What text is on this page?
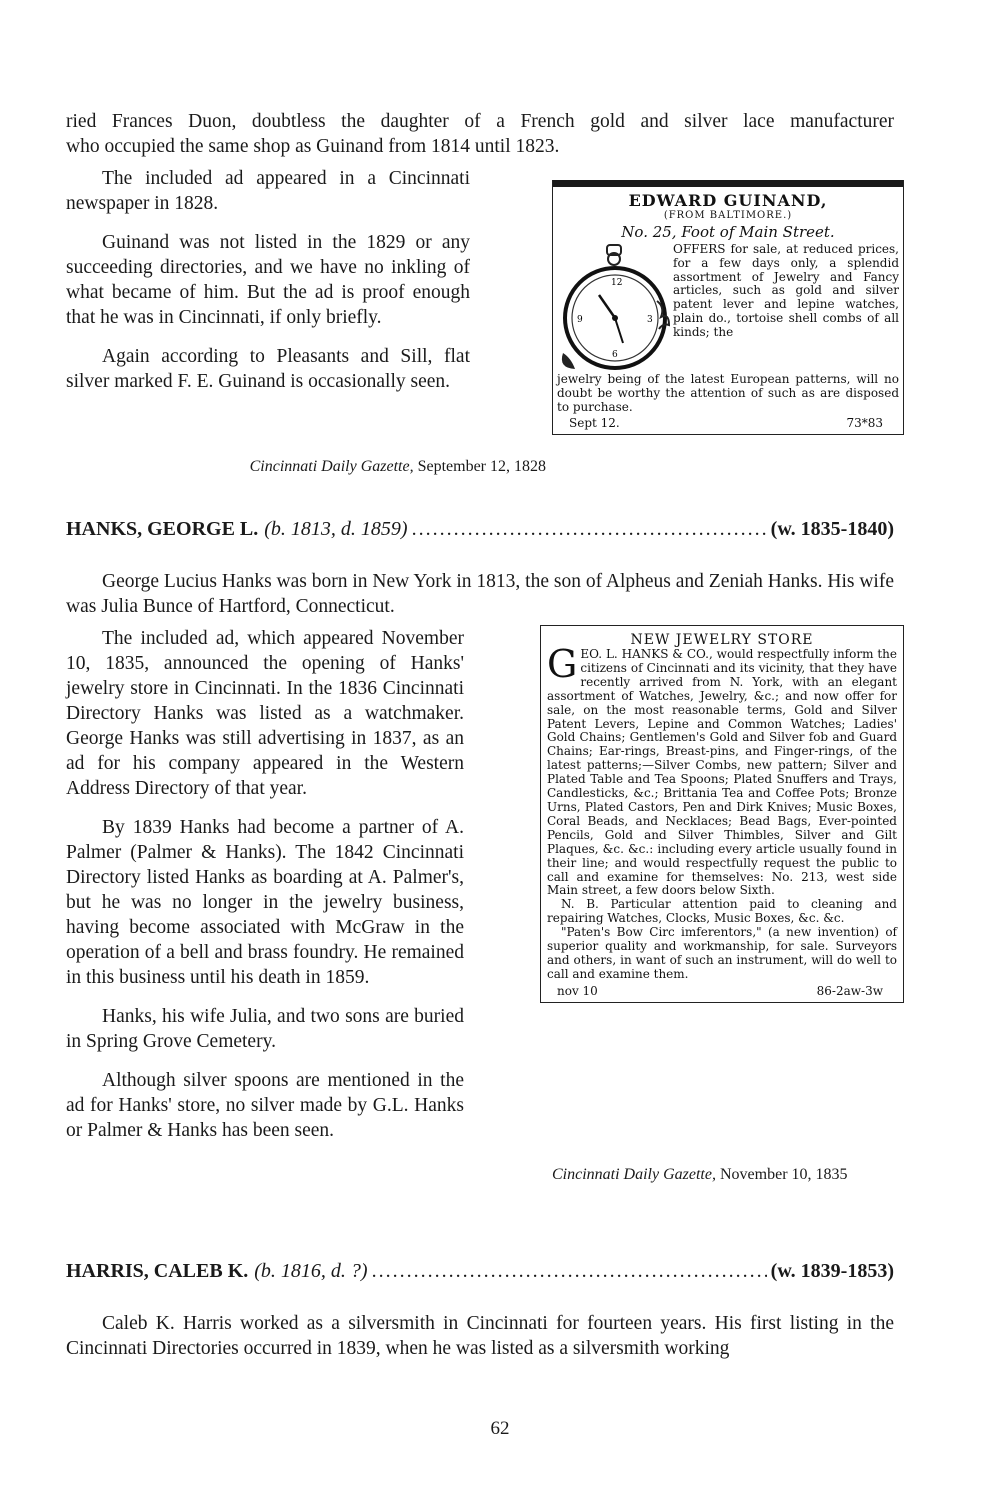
ried Frances Duon, doubtless the daughter of a French gold and silver lace manufacturer
who occupied the same shop as Guinand from 1814 until 1823.

The included ad appeared in a Cincinnati newspaper in 1828.

Guinand was not listed in the 1829 or any succeeding directories, and we have no inkling of what became of him. But the ad is proof enough that he was in Cincinnati, if only briefly.

Again according to Pleasants and Sill, flat silver marked F. E. Guinand is occasionally seen.

Cincinnati Daily Gazette, September 12, 1828
EDWARD GUINAND,
(FROM BALTIMORE.)
No. 25, Foot of Main Street.
12
3
6
9
OFFERS for sale, at reduced prices, for a few days only, a splendid assortment of Jewelry and Fancy articles, such as gold and silver patent lever and lepine watches, plain do., tortoise shell combs of all kinds; the
jewelry being of the latest European patterns, will no doubt be worthy the attention of such as are disposed to purchase.
Sept 12.	73*83
HANKS, GEORGE L. (b. 1813, d. 1859) .....	(w. 1835-1840)

George Lucius Hanks was born in New York in 1813, the son of Alpheus and Zeniah Hanks. His wife was Julia Bunce of Hartford, Connecticut.

The included ad, which appeared November 10, 1835, announced the opening of Hanks' jewelry store in Cincinnati. In the 1836 Cincinnati Directory Hanks was listed as a watchmaker. George Hanks was still advertising in 1837, as an ad for his company appeared in the Western Address Directory of that year.

By 1839 Hanks had become a partner of A. Palmer (Palmer & Hanks). The 1842 Cincinnati Directory listed Hanks as boarding at A. Palmer's, but he was no longer in the jewelry business, having become associated with McGraw in the operation of a bell and brass foundry. He remained in this business until his death in 1859.

Hanks, his wife Julia, and two sons are buried in Spring Grove Cemetery.

Although silver spoons are mentioned in the ad for Hanks' store, no silver made by G.L. Hanks or Palmer & Hanks has been seen.

NEW JEWELRY STORE
G EO. L. HANKS & CO., would respectfully inform the citizens of Cincinnati and its vicinity, that they have recently arrived from N. York, with an elegant assortment of Watches, Jewelry, &c.; and now offer for sale, on the most reasonable terms, Gold and Silver Patent Levers, Lepine and Common Watches; Ladies' Gold Chains; Gentlemen's Gold and Silver fob and Guard Chains; Ear-rings, Breast-pins, and Finger-rings, of the latest patterns;—Silver Combs, new pattern; Silver and Plated Table and Tea Spoons; Plated Snuffers and Trays, Candlesticks, &c.; Brittania Tea and Coffee Pots; Bronze Urns, Plated Castors, Pen and Dirk Knives; Music Boxes, Coral Beads, and Necklaces; Bead Bags, Ever-pointed Pencils, Gold and Silver Thimbles, Silver and Gilt Plaques, &c. &c.: including every article usually found in their line; and would respectfully request the public to call and examine for themselves: No. 213, west side Main street, a few doors below Sixth.
N. B. Particular attention paid to cleaning and repairing Watches, Clocks, Music Boxes, &c. &c.
"Paten's Bow Circ imferentors," (a new invention) of superior quality and workmanship, for sale. Surveyors and others, in want of such an instrument, will do well to call and examine them.
nov 10	86-2aw-3w
Cincinnati Daily Gazette, November 10, 1835
HARRIS, CALEB K. (b. 1816, d. ?) .....	(w. 1839-1853)

Caleb K. Harris worked as a silversmith in Cincinnati for fourteen years. His first listing in the Cincinnati Directories occurred in 1839, when he was listed as a silversmith working

62
